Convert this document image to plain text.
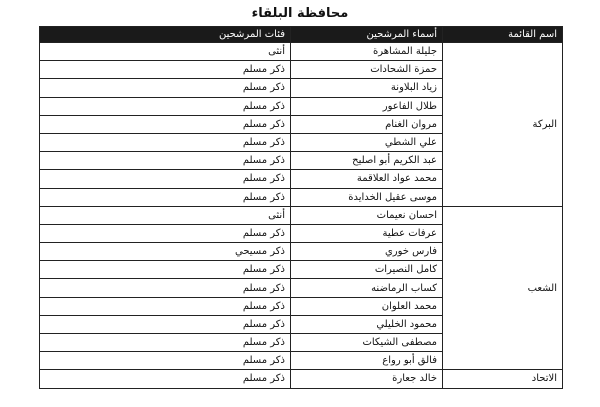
محافظة البلقاء
اسم القائمة	أسماء المرشحين	فئات المرشحين
البركة	جليلة المشاهرة	أنثى
	حمزة الشحادات	ذكر مسلم
	زياد البلاونة	ذكر مسلم
	طلال الفاعور	ذكر مسلم
	مروان الغنام	ذكر مسلم
	علي الشطي	ذكر مسلم
	عبد الكريم أبو اصليح	ذكر مسلم
	محمد عواد العلاقمة	ذكر مسلم
	موسى عقيل الخدايدة	ذكر مسلم
الشعب	احسان نعيمات	أنثى
	عرفات عطية	ذكر مسلم
	فارس خوري	ذكر مسيحي
	كامل النصيرات	ذكر مسلم
	كساب الرماضنه	ذكر مسلم
	محمد العلوان	ذكر مسلم
	محمود الخليلي	ذكر مسلم
	مصطفى الشيكات	ذكر مسلم
	فالق أبو رواع	ذكر مسلم
الاتحاد	خالد جعارة	ذكر مسلم
